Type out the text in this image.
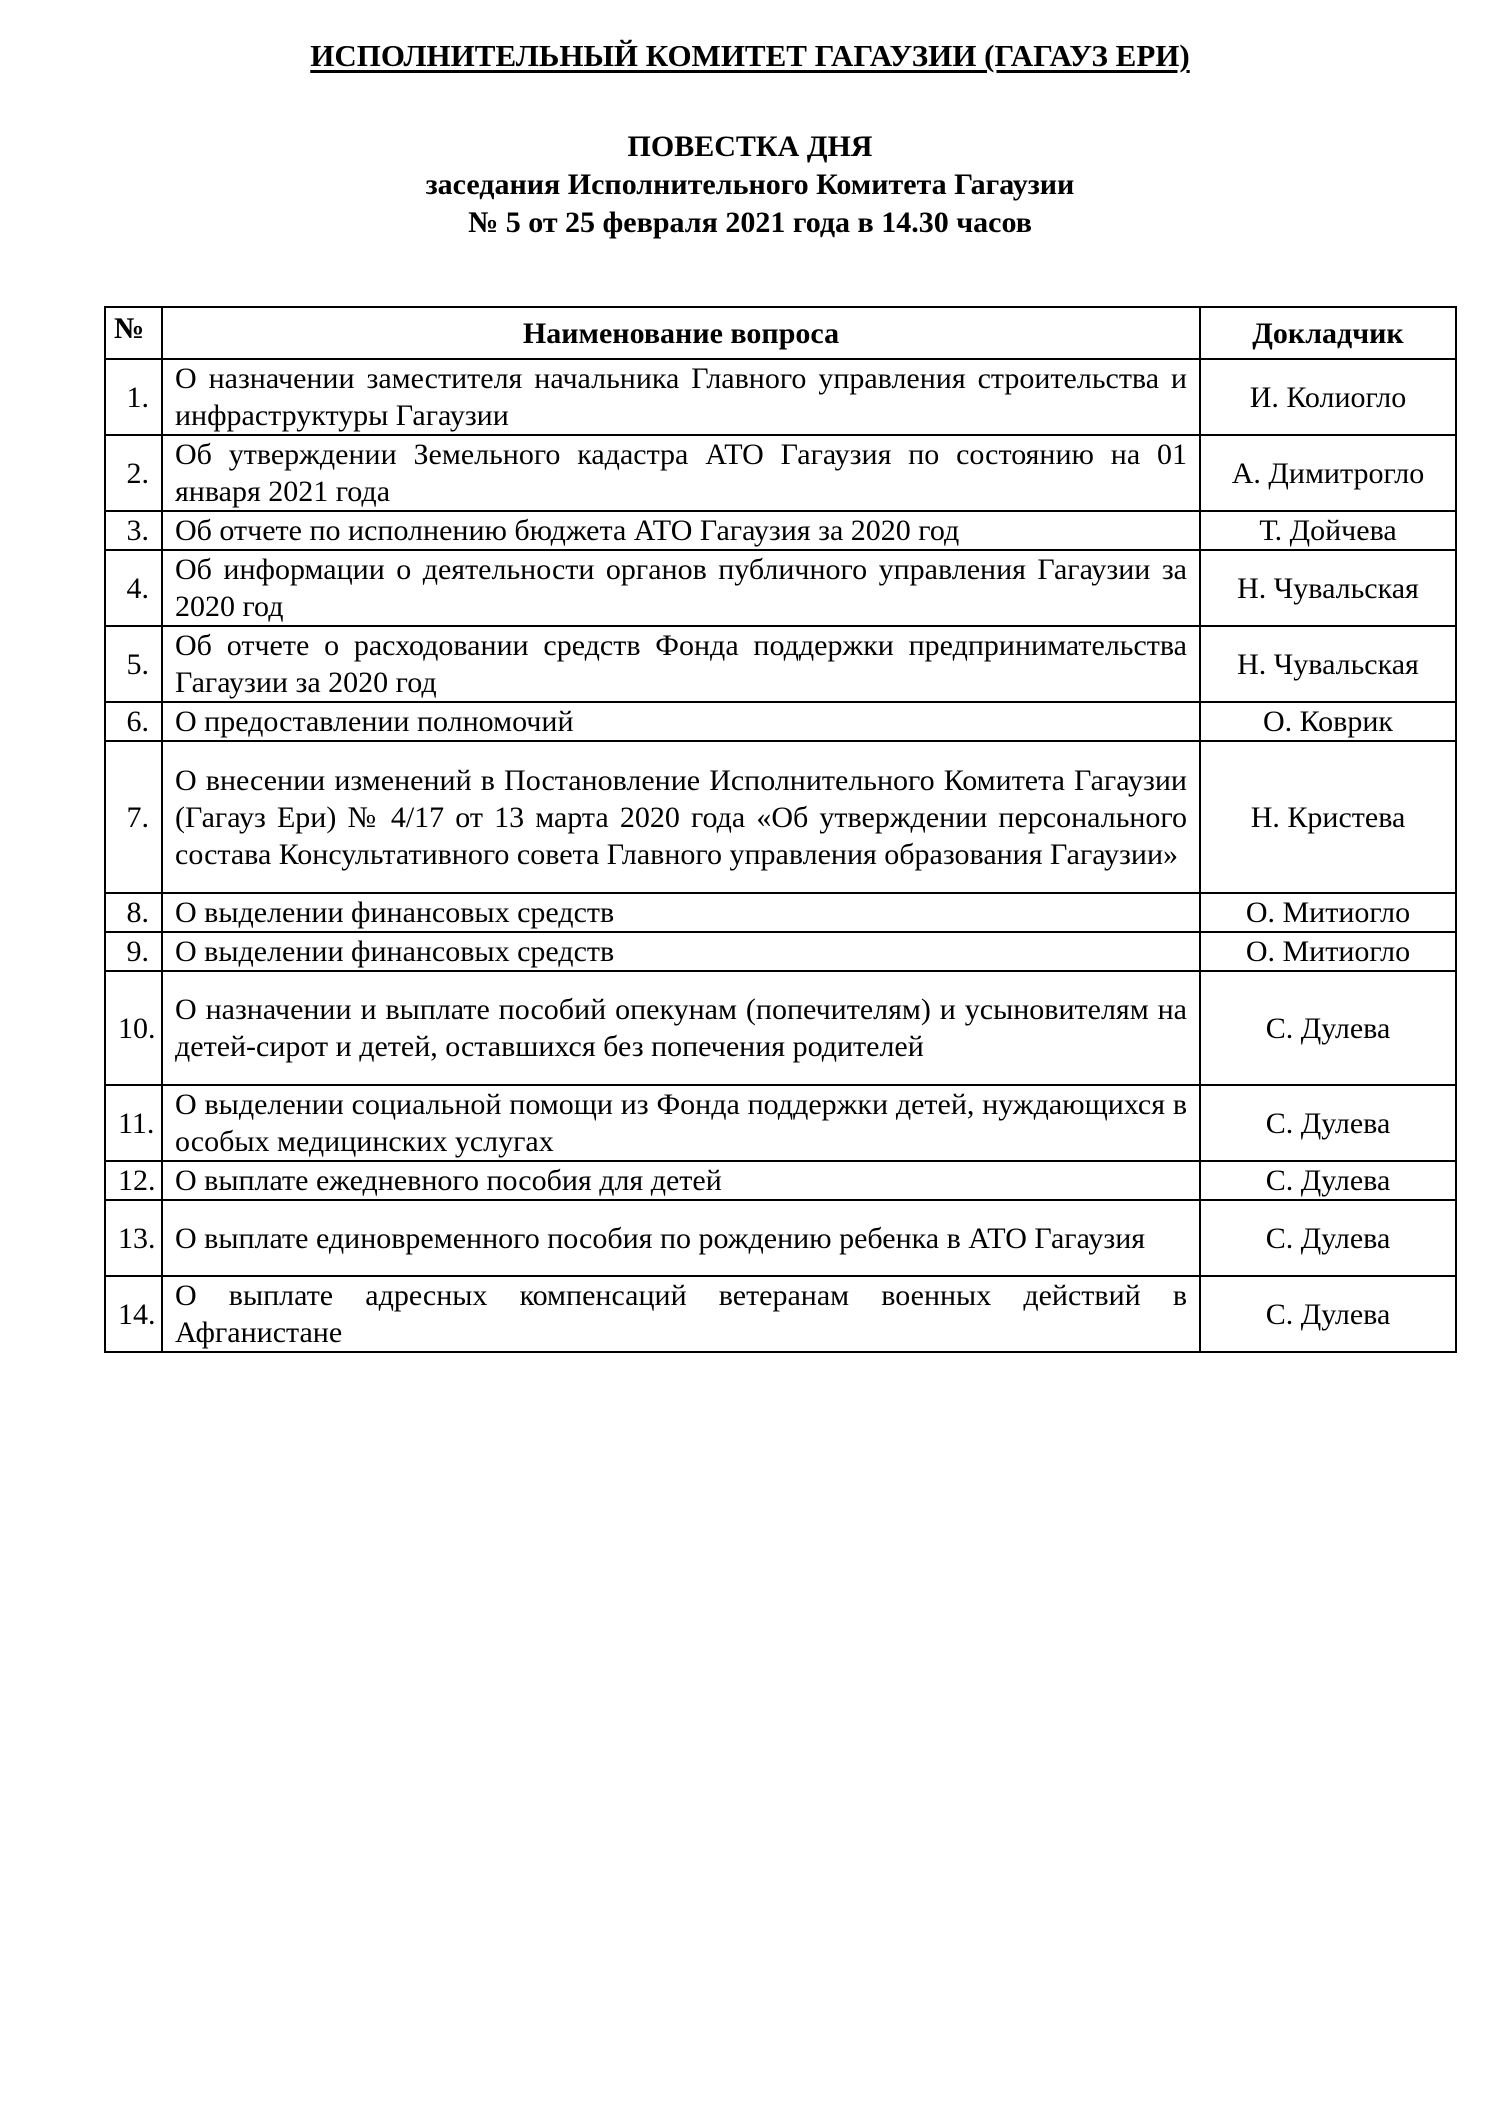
ИСПОЛНИТЕЛЬНЫЙ КОМИТЕТ ГАГАУЗИИ (ГАГАУЗ ЕРИ)
ПОВЕСТКА ДНЯ
заседания Исполнительного Комитета Гагаузии
№ 5 от 25 февраля 2021 года в 14.30 часов
№	Наименование вопроса	Докладчик
1.	О назначении заместителя начальника Главного управления строительства и инфраструктуры Гагаузии	И. Колиогло
2.	Об утверждении Земельного кадастра АТО Гагаузия по состоянию на 01 января 2021 года	А. Димитрогло
3.	Об отчете по исполнению бюджета АТО Гагаузия за 2020 год	Т. Дойчева
4.	Об информации о деятельности органов публичного управления Гагаузии за 2020 год	Н. Чувальская
5.	Об отчете о расходовании средств Фонда поддержки предпринимательства Гагаузии за 2020 год	Н. Чувальская
6.	О предоставлении полномочий	О. Коврик
7.	О внесении изменений в Постановление Исполнительного Комитета Гагаузии (Гагауз Ери) № 4/17 от 13 марта 2020 года «Об утверждении персонального состава Консультативного совета Главного управления образования Гагаузии»	Н. Кристева
8.	О выделении финансовых средств	О. Митиогло
9.	О выделении финансовых средств	О. Митиогло
10.	О назначении и выплате пособий опекунам (попечителям) и усыновителям на детей-сирот и детей, оставшихся без попечения родителей	С. Дулева
11.	О выделении социальной помощи из Фонда поддержки детей, нуждающихся в особых медицинских услугах	С. Дулева
12.	О выплате ежедневного пособия для детей	С. Дулева
13.	О выплате единовременного пособия по рождению ребенка в АТО Гагаузия	С. Дулева
14.	О выплате адресных компенсаций ветеранам военных действий в Афганистане	С. Дулева
